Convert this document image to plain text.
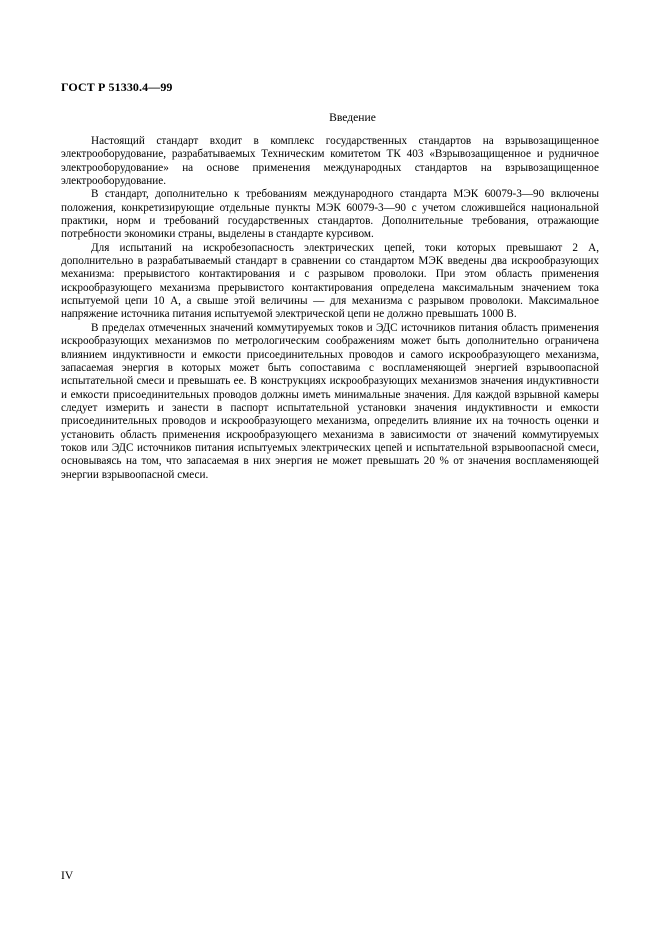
ГОСТ Р 51330.4—99
Введение

Настоящий стандарт входит в комплекс государственных стандартов на взрывозащищенное электрооборудование, разрабатываемых Техническим комитетом ТК 403 «Взрывозащищенное и рудничное электрооборудование» на основе применения международных стандартов на взрывозащищенное электрооборудование.

В стандарт, дополнительно к требованиям международного стандарта МЭК 60079-3—90 включены положения, конкретизирующие отдельные пункты МЭК 60079-3—90 с учетом сложившейся национальной практики, норм и требований государственных стандартов. Дополнительные требования, отражающие потребности экономики страны, выделены в стандарте курсивом.

Для испытаний на искробезопасность электрических цепей, токи которых превышают 2 А, дополнительно в разрабатываемый стандарт в сравнении со стандартом МЭК введены два искрообразующих механизма: прерывистого контактирования и с разрывом проволоки. При этом область применения искрообразующего механизма прерывистого контактирования определена максимальным значением тока испытуемой цепи 10 А, а свыше этой величины — для механизма с разрывом проволоки. Максимальное напряжение источника питания испытуемой электрической цепи не должно превышать 1000 В.

В пределах отмеченных значений коммутируемых токов и ЭДС источников питания область применения искрообразующих механизмов по метрологическим соображениям может быть дополнительно ограничена влиянием индуктивности и емкости присоединительных проводов и самого искрообразующего механизма, запасаемая энергия в которых может быть сопоставима с воспламеняющей энергией взрывоопасной испытательной смеси и превышать ее. В конструкциях искрообразующих механизмов значения индуктивности и емкости присоединительных проводов должны иметь минимальные значения. Для каждой взрывной камеры следует измерить и занести в паспорт испытательной установки значения индуктивности и емкости присоединительных проводов и искрообразующего механизма, определить влияние их на точность оценки и установить область применения искрообразующего механизма в зависимости от значений коммутируемых токов или ЭДС источников питания испытуемых электрических цепей и испытательной взрывоопасной смеси, основываясь на том, что запасаемая в них энергия не может превышать 20 % от значения воспламеняющей энергии взрывоопасной смеси.

IV
